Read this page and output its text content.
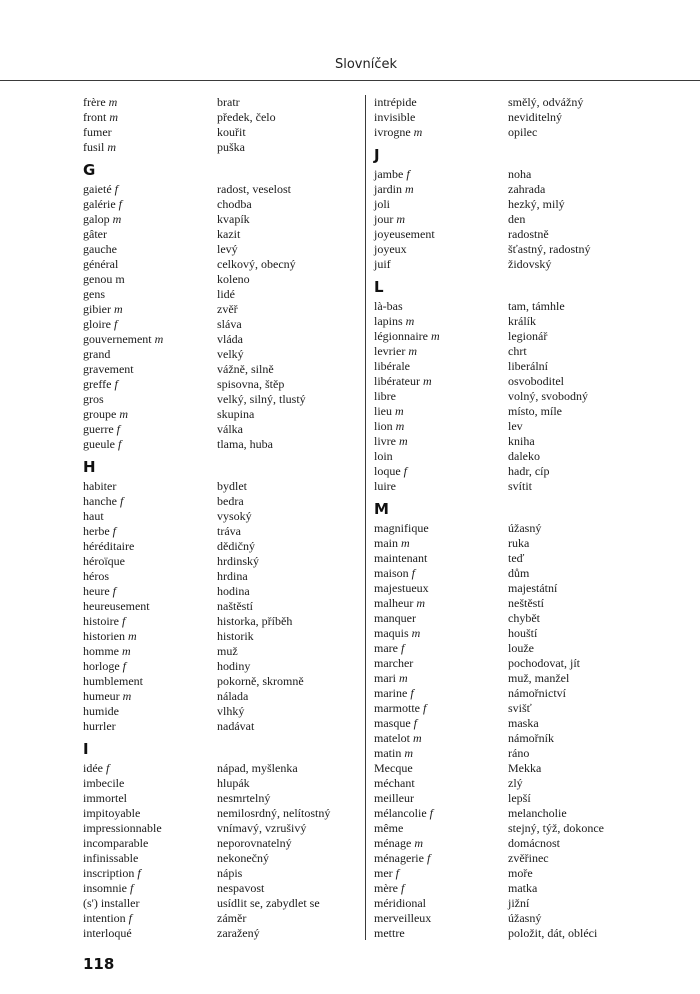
Slovníček
frère m	bratr
front m	předek, čelo
fumer	kouřit
fusil m	puška
G
gaieté f	radost, veselost
galérie f	chodba
galop m	kvapík
gâter	kazit
gauche	levý
général	celkový, obecný
genou m	koleno
gens	lidé
gibier m	zvěř
gloire f	sláva
gouvernement m	vláda
grand	velký
gravement	vážně, silně
greffe f	spisovna, štěp
gros	velký, silný, tlustý
groupe m	skupina
guerre f	válka
gueule f	tlama, huba
H
habiter	bydlet
hanche f	bedra
haut	vysoký
herbe f	tráva
héréditaire	dědičný
héroïque	hrdinský
héros	hrdina
heure f	hodina
heureusement	naštěstí
histoire f	historka, příběh
historien m	historik
homme m	muž
horloge f	hodiny
humblement	pokorně, skromně
humeur m	nálada
humide	vlhký
hurrler	nadávat
I
idée f	nápad, myšlenka
imbecile	hlupák
immortel	nesmrtelný
impitoyable	nemilosrdný, nelítostný
impressionnable	vnímavý, vzrušivý
incomparable	neporovnatelný
infinissable	nekonečný
inscription f	nápis
insomnie f	nespavost
(s') installer	usídlit se, zabydlet se
intention f	záměr
interloqué	zaražený
intrépide	smělý, odvážný
invisible	neviditelný
ivrogne m	opilec
J
jambe f	noha
jardin m	zahrada
joli	hezký, milý
jour m	den
joyeusement	radostně
joyeux	šťastný, radostný
juif	židovský
L
là-bas	tam, támhle
lapins m	králík
légionnaire m	legionář
levrier m	chrt
libérale	liberální
libérateur m	osvoboditel
libre	volný, svobodný
lieu m	místo, míle
lion m	lev
livre m	kniha
loin	daleko
loque f	hadr, cíp
luire	svítit
M
magnifique	úžasný
main m	ruka
maintenant	teď
maison f	dům
majestueux	majestátní
malheur m	neštěstí
manquer	chybět
maquis m	houští
mare f	louže
marcher	pochodovat, jít
mari m	muž, manžel
marine f	námořnictví
marmotte f	svišť
masque f	maska
matelot m	námořník
matin m	ráno
Mecque	Mekka
méchant	zlý
meilleur	lepší
mélancolie f	melancholie
même	stejný, týž, dokonce
ménage m	domácnost
ménagerie f	zvěřinec
mer f	moře
mère f	matka
méridional	jižní
merveilleux	úžasný
mettre	položit, dát, obléci
118
